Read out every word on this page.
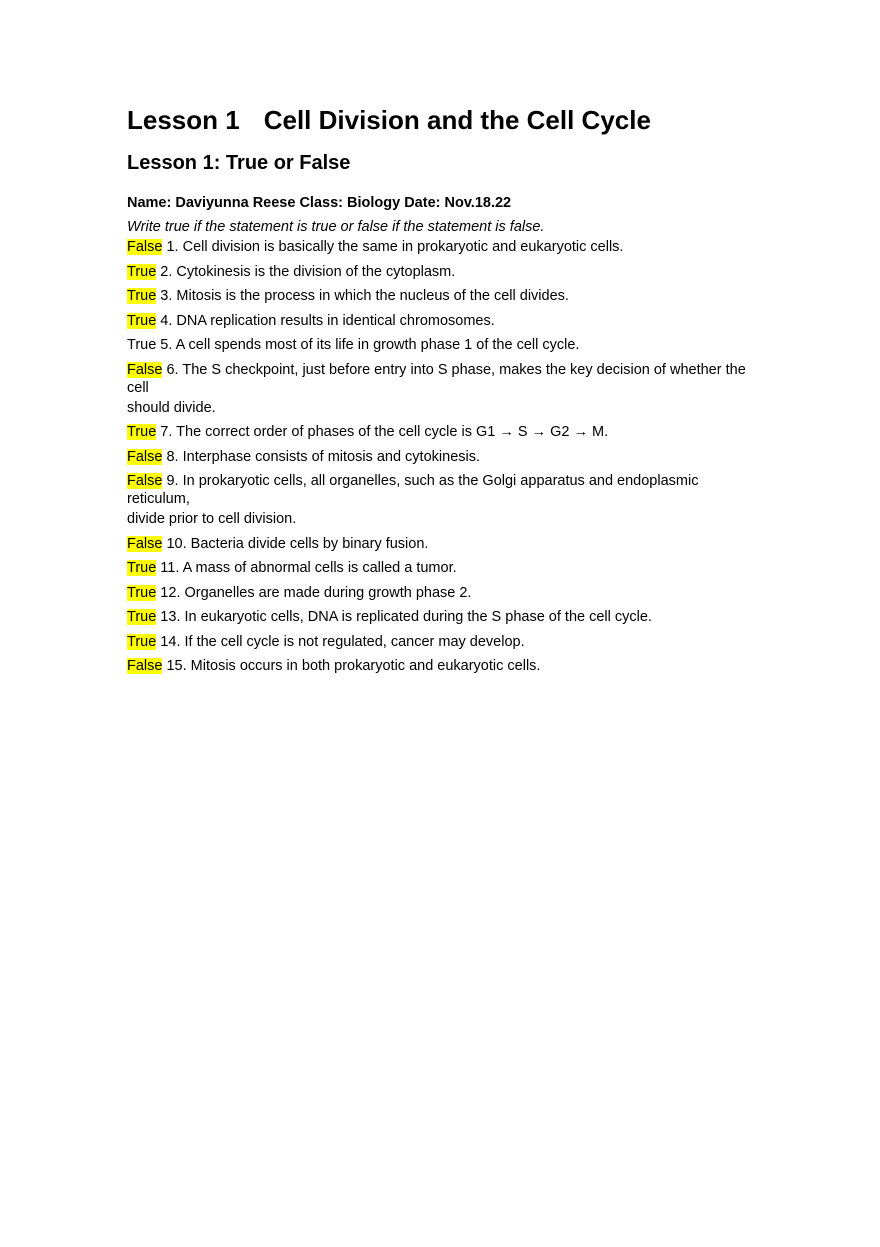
Lesson 1 Cell Division and the Cell Cycle
Lesson 1: True or False

Name: Daviyunna Reese Class: Biology Date: Nov.18.22

Write true if the statement is true or false if the statement is false.

False 1. Cell division is basically the same in prokaryotic and eukaryotic cells.
True 2. Cytokinesis is the division of the cytoplasm.
True 3. Mitosis is the process in which the nucleus of the cell divides.
True 4. DNA replication results in identical chromosomes.
True 5. A cell spends most of its life in growth phase 1 of the cell cycle.
False 6. The S checkpoint, just before entry into S phase, makes the key decision of whether the cell
should divide.
True 7. The correct order of phases of the cell cycle is G1 → S → G2 → M.
False 8. Interphase consists of mitosis and cytokinesis.
False 9. In prokaryotic cells, all organelles, such as the Golgi apparatus and endoplasmic reticulum,
divide prior to cell division.
False 10. Bacteria divide cells by binary fusion.
True 11. A mass of abnormal cells is called a tumor.
True 12. Organelles are made during growth phase 2.
True 13. In eukaryotic cells, DNA is replicated during the S phase of the cell cycle.
True 14. If the cell cycle is not regulated, cancer may develop.
False 15. Mitosis occurs in both prokaryotic and eukaryotic cells.
